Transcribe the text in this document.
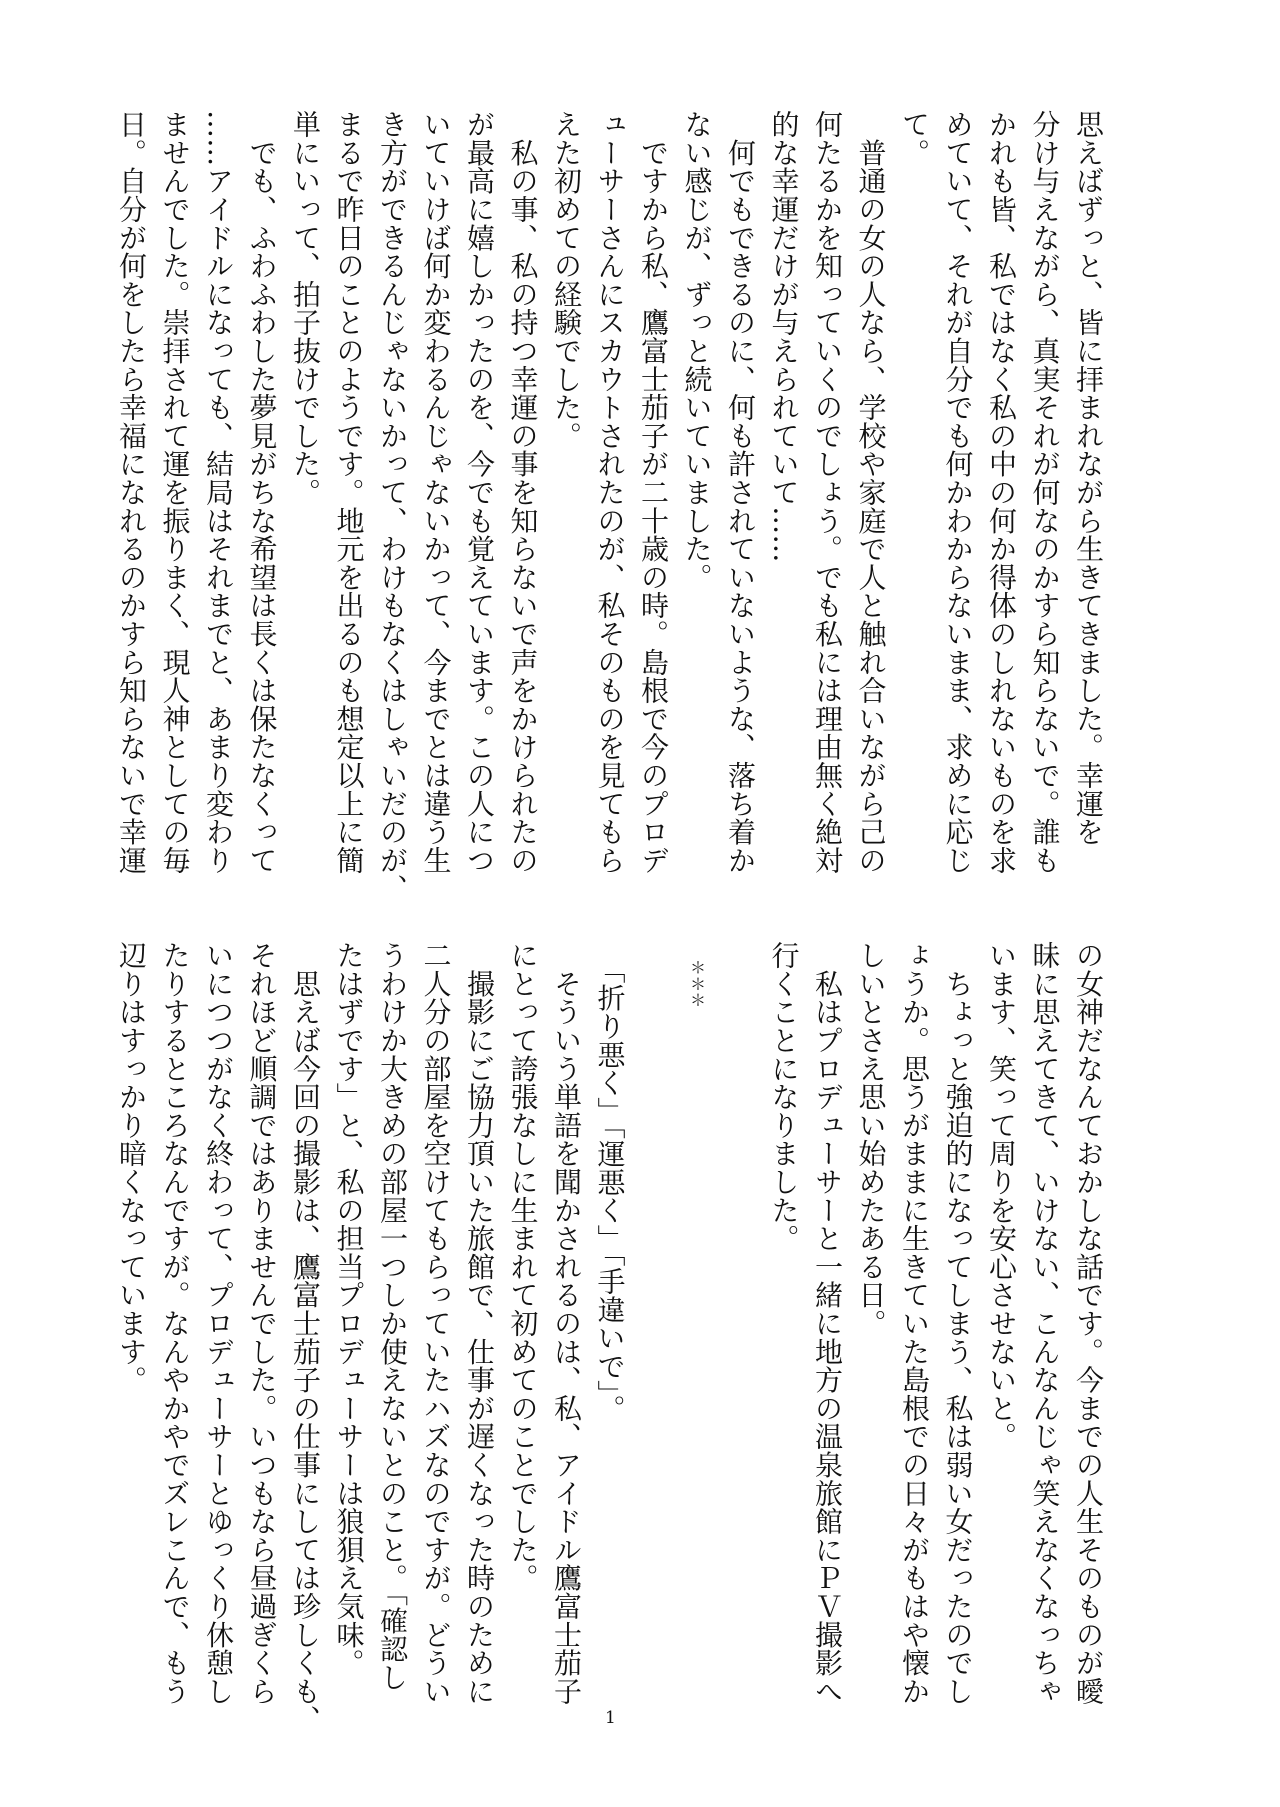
思えばずっと、皆に拝まれながら生きてきました。幸運を
分け与えながら、真実それが何なのかすら知らないで。誰も
かれも皆、私ではなく私の中の何か得体のしれないものを求
めていて、それが自分でも何かわからないまま、求めに応じ
て。
　普通の女の人なら、学校や家庭で人と触れ合いながら己の
何たるかを知っていくのでしょう。でも私には理由無く絶対
的な幸運だけが与えられていて……
　何でもできるのに、何も許されていないような、落ち着か
ない感じが、ずっと続いていました。
　ですから私、鷹富士茄子が二十歳の時。島根で今のプロデ
ューサーさんにスカウトされたのが、私そのものを見てもら
えた初めての経験でした。
　私の事、私の持つ幸運の事を知らないで声をかけられたの
が最高に嬉しかったのを、今でも覚えています。この人につ
いていけば何か変わるんじゃないかって、今までとは違う生
き方ができるんじゃないかって、わけもなくはしゃいだのが、
まるで昨日のことのようです。地元を出るのも想定以上に簡
単にいって、拍子抜けでした。
　でも、ふわふわした夢見がちな希望は長くは保たなくって
……アイドルになっても、結局はそれまでと、あまり変わり
ませんでした。崇拝されて運を振りまく、現人神としての毎
日。自分が何をしたら幸福になれるのかすら知らないで幸運
の女神だなんておかしな話です。今までの人生そのものが曖
昧に思えてきて、いけない、こんなんじゃ笑えなくなっちゃ
います、笑って周りを安心させないと。
　ちょっと強迫的になってしまう、私は弱い女だったのでし
ょうか。思うがままに生きていた島根での日々がもはや懐か
しいとさえ思い始めたある日。
　私はプロデューサーと一緒に地方の温泉旅館にＰＶ撮影へ
行くことになりました。
＊＊＊
　「折り悪く」「運悪く」「手違いで」。
　そういう単語を聞かされるのは、私、アイドル鷹富士茄子
にとって誇張なしに生まれて初めてのことでした。
　撮影にご協力頂いた旅館で、仕事が遅くなった時のために
二人分の部屋を空けてもらっていたハズなのですが。どうい
うわけか大きめの部屋一つしか使えないとのこと。「確認し
たはずです」と、私の担当プロデューサーは狼狽え気味。
　思えば今回の撮影は、鷹富士茄子の仕事にしては珍しくも、
それほど順調ではありませんでした。いつもなら昼過ぎくら
いにつつがなく終わって、プロデューサーとゆっくり休憩し
たりするところなんですが。なんやかやでズレこんで、もう
辺りはすっかり暗くなっています。
1
